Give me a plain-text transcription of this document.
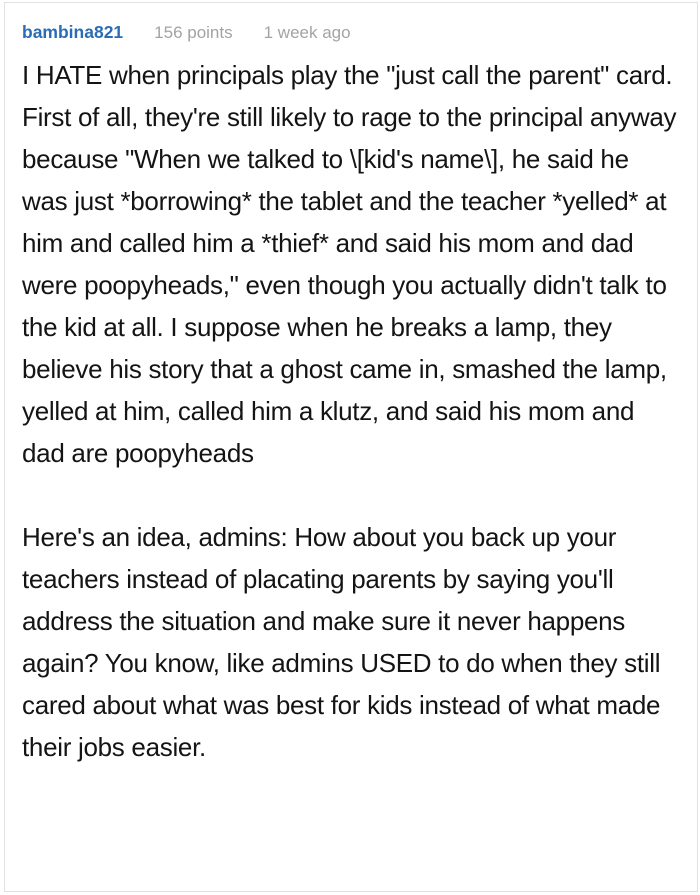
bambina821 156 points 1 week ago

I HATE when principals play the "just call the parent" card. First of all, they're still likely to rage to the principal anyway because "When we talked to \[kid's name\], he said he was just *borrowing* the tablet and the teacher *yelled* at him and called him a *thief* and said his mom and dad were poopyheads," even though you actually didn't talk to the kid at all. I suppose when he breaks a lamp, they believe his story that a ghost came in, smashed the lamp, yelled at him, called him a klutz, and said his mom and dad are poopyheads

Here's an idea, admins: How about you back up your teachers instead of placating parents by saying you'll address the situation and make sure it never happens again? You know, like admins USED to do when they still cared about what was best for kids instead of what made their jobs easier.
